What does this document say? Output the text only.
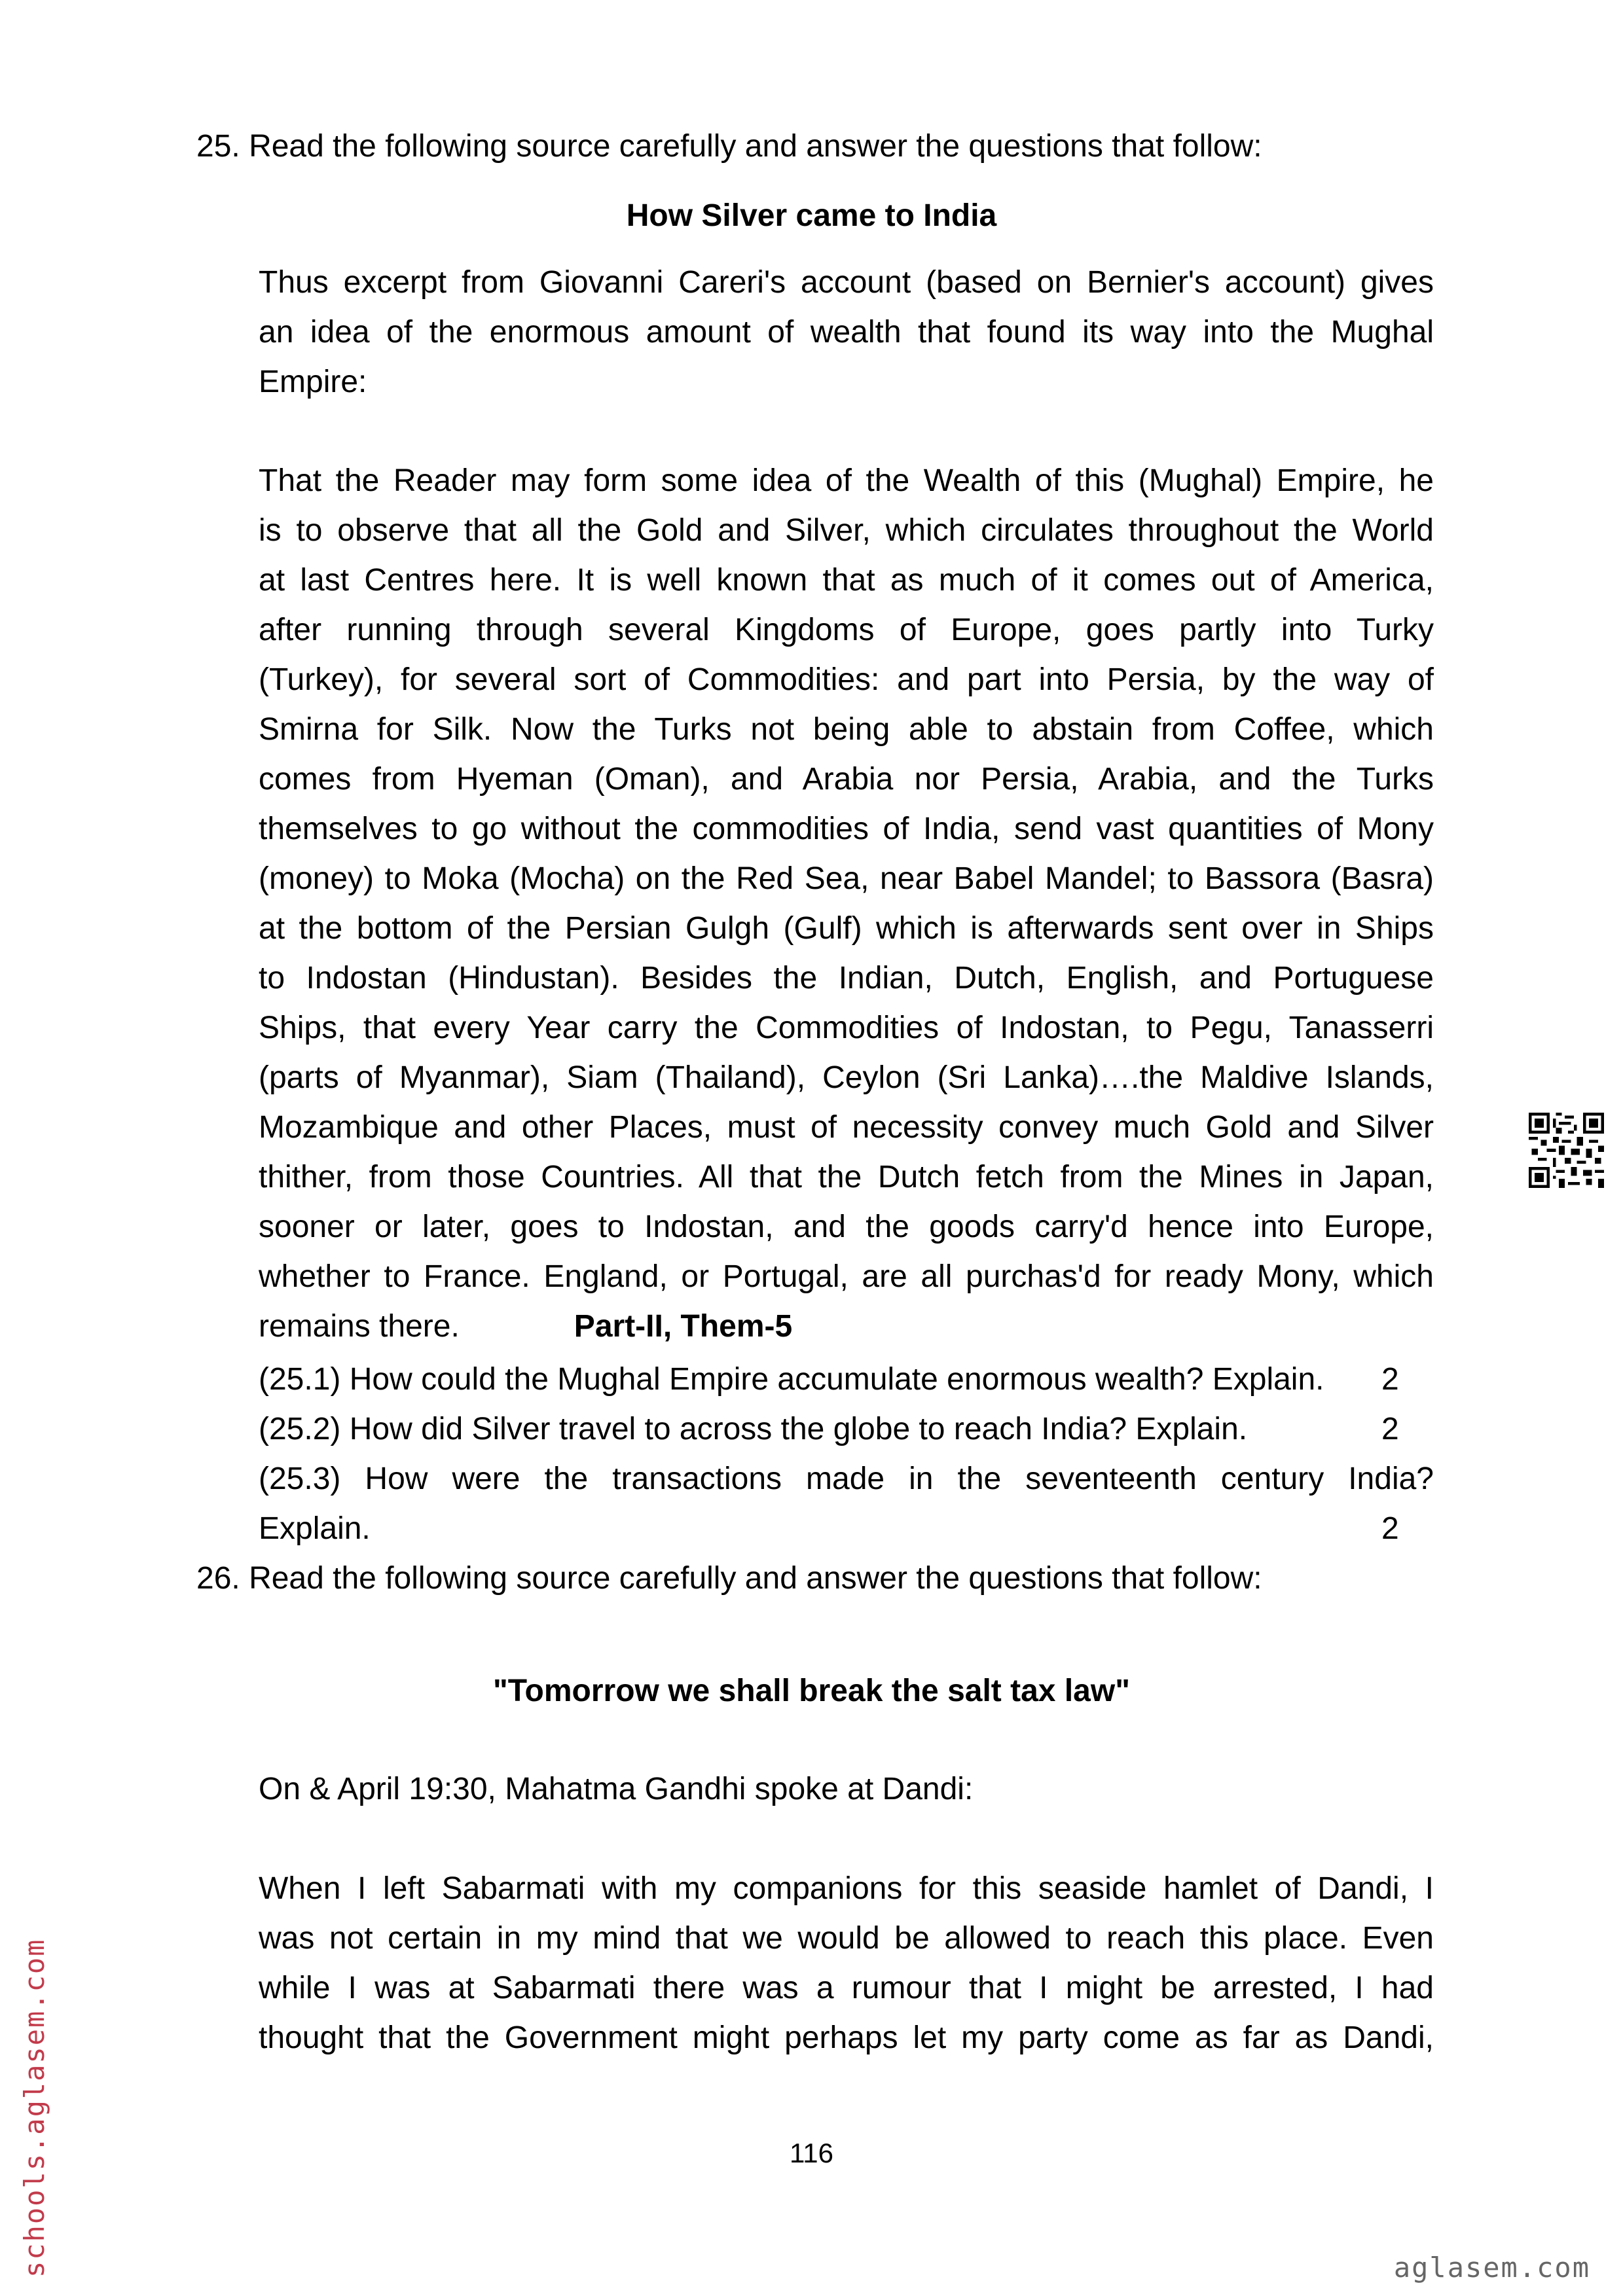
25. Read the following source carefully and answer the questions that follow:
How Silver came to India
Thus excerpt from Giovanni Careri's account (based on Bernier's account) gives
an idea of the enormous amount of wealth that found its way into the Mughal
Empire:
That the Reader may form some idea of the Wealth of this (Mughal) Empire, he
is to observe that all the Gold and Silver, which circulates throughout the World
at last Centres here. It is well known that as much of it comes out of America,
after running through several Kingdoms of Europe, goes partly into Turky
(Turkey), for several sort of Commodities: and part into Persia, by the way of
Smirna for Silk. Now the Turks not being able to abstain from Coffee, which
comes from Hyeman (Oman), and Arabia nor Persia, Arabia, and the Turks
themselves to go without the commodities of India, send vast quantities of Mony
(money) to Moka (Mocha) on the Red Sea, near Babel Mandel; to Bassora (Basra)
at the bottom of the Persian Gulgh (Gulf) which is afterwards sent over in Ships
to Indostan (Hindustan). Besides the Indian, Dutch, English, and Portuguese
Ships, that every Year carry the Commodities of Indostan, to Pegu, Tanasserri
(parts of Myanmar), Siam (Thailand), Ceylon (Sri Lanka)….the Maldive Islands,
Mozambique and other Places, must of necessity convey much Gold and Silver
thither, from those Countries. All that the Dutch fetch from the Mines in Japan,
sooner or later, goes to Indostan, and the goods carry'd hence into Europe,
whether to France. England, or Portugal, are all purchas'd for ready Mony, which
remains there.	Part-II, Them-5
(25.1) How could the Mughal Empire accumulate enormous wealth? Explain.	2
(25.2) How did Silver travel to across the globe to reach India? Explain.	2
(25.3) How were the transactions made in the seventeenth century India?
Explain.	2
26. Read the following source carefully and answer the questions that follow:
"Tomorrow we shall break the salt tax law"
On & April 19:30, Mahatma Gandhi spoke at Dandi:
When I left Sabarmati with my companions for this seaside hamlet of Dandi, I
was not certain in my mind that we would be allowed to reach this place. Even
while I was at Sabarmati there was a rumour that I might be arrested, I had
thought that the Government might perhaps let my party come as far as Dandi,
116
schools.aglasem.com	aglasem.com
